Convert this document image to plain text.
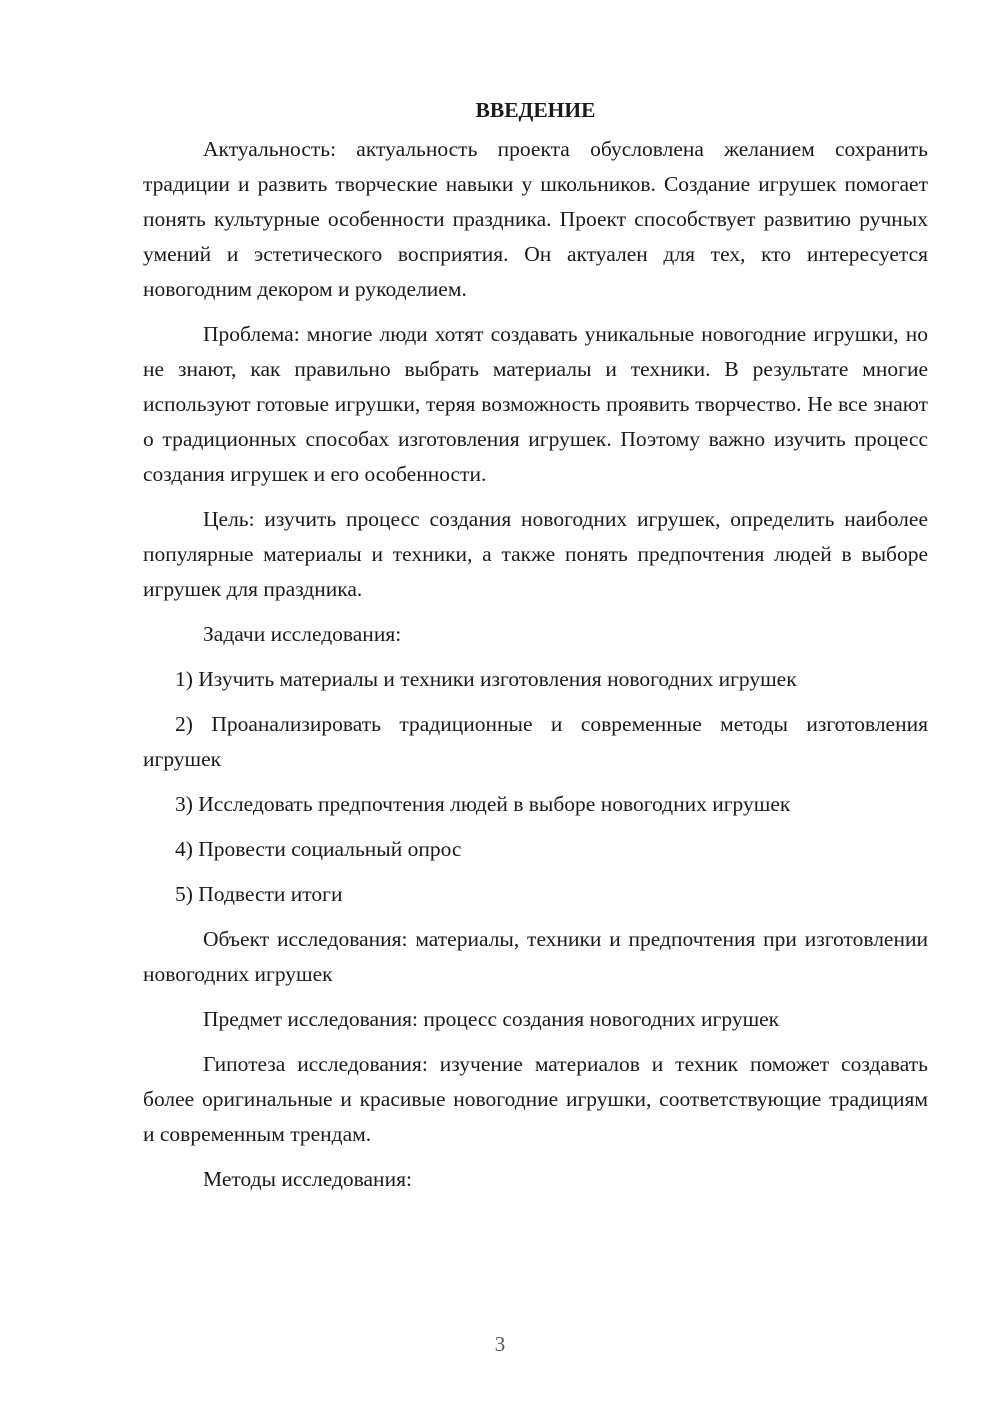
ВВЕДЕНИЕ

Актуальность: актуальность проекта обусловлена желанием сохранить традиции и развить творческие навыки у школьников. Создание игрушек помогает понять культурные особенности праздника. Проект способствует развитию ручных умений и эстетического восприятия. Он актуален для тех, кто интересуется новогодним декором и рукоделием.

Проблема: многие люди хотят создавать уникальные новогодние игрушки, но не знают, как правильно выбрать материалы и техники. В результате многие используют готовые игрушки, теряя возможность проявить творчество. Не все знают о традиционных способах изготовления игрушек. Поэтому важно изучить процесс создания игрушек и его особенности.

Цель: изучить процесс создания новогодних игрушек, определить наиболее популярные материалы и техники, а также понять предпочтения людей в выборе игрушек для праздника.

Задачи исследования:

1) Изучить материалы и техники изготовления новогодних игрушек

2) Проанализировать традиционные и современные методы изготовления игрушек

3) Исследовать предпочтения людей в выборе новогодних игрушек

4) Провести социальный опрос

5) Подвести итоги

Объект исследования: материалы, техники и предпочтения при изготовлении новогодних игрушек

Предмет исследования: процесс создания новогодних игрушек

Гипотеза исследования: изучение материалов и техник поможет создавать более оригинальные и красивые новогодние игрушки, соответствующие традициям и современным трендам.

Методы исследования:

3
